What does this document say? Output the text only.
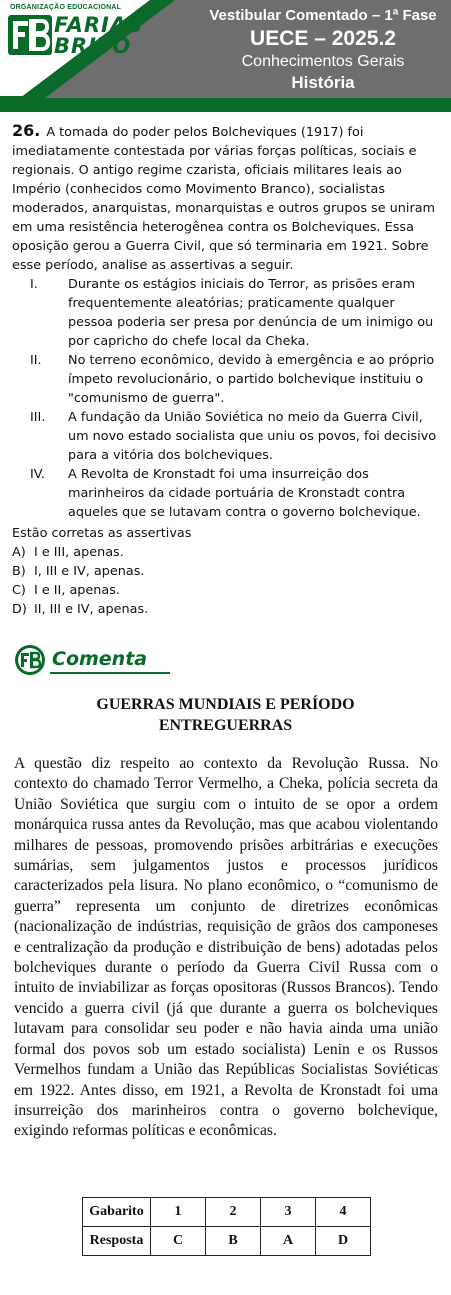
ORGANIZAÇÃO EDUCACIONAL
FARIAS
BRITO
Vestibular Comentado – 1ª Fase
UECE – 2025.2
Conhecimentos Gerais
História
26. A tomada do poder pelos Bolcheviques (1917) foi imediatamente contestada por várias forças políticas, sociais e regionais. O antigo regime czarista, oficiais militares leais ao Império (conhecidos como Movimento Branco), socialistas moderados, anarquistas, monarquistas e outros grupos se uniram em uma resistência heterogênea contra os Bolcheviques. Essa oposição gerou a Guerra Civil, que só terminaria em 1921. Sobre esse período, analise as assertivas a seguir.
I.	Durante os estágios iniciais do Terror, as prisões eram frequentemente aleatórias; praticamente qualquer pessoa poderia ser presa por denúncia de um inimigo ou por capricho do chefe local da Cheka.
II.	No terreno econômico, devido à emergência e ao próprio ímpeto revolucionário, o partido bolchevique instituiu o "comunismo de guerra".
III.	A fundação da União Soviética no meio da Guerra Civil, um novo estado socialista que uniu os povos, foi decisivo para a vitória dos bolcheviques.
IV.	A Revolta de Kronstadt foi uma insurreição dos marinheiros da cidade portuária de Kronstadt contra aqueles que se lutavam contra o governo bolchevique.
Estão corretas as assertivas
A) I e III, apenas.
B) I, III e IV, apenas.
C) I e II, apenas.
D) II, III e IV, apenas.
Comenta
GUERRAS MUNDIAIS E PERÍODO
ENTREGUERRAS
A questão diz respeito ao contexto da Revolução Russa. No contexto do chamado Terror Vermelho, a Cheka, polícia secreta da União Soviética que surgiu com o intuito de se opor a ordem monárquica russa antes da Revolução, mas que acabou violentando milhares de pessoas, promovendo prisões arbitrárias e execuções sumárias, sem julgamentos justos e processos jurídicos caracterizados pela lisura. No plano econômico, o “comunismo de guerra” representa um conjunto de diretrizes econômicas (nacionalização de indústrias, requisição de grãos dos camponeses e centralização da produção e distribuição de bens) adotadas pelos bolcheviques durante o período da Guerra Civil Russa com o intuito de inviabilizar as forças opositoras (Russos Brancos). Tendo vencido a guerra civil (já que durante a guerra os bolcheviques lutavam para consolidar seu poder e não havia ainda uma união formal dos povos sob um estado socialista) Lenin e os Russos Vermelhos fundam a União das Repúblicas Socialistas Soviéticas em 1922. Antes disso, em 1921, a Revolta de Kronstadt foi uma insurreição dos marinheiros contra o governo bolchevique, exigindo reformas políticas e econômicas.
Gabarito	1	2	3	4
Resposta	C	B	A	D
